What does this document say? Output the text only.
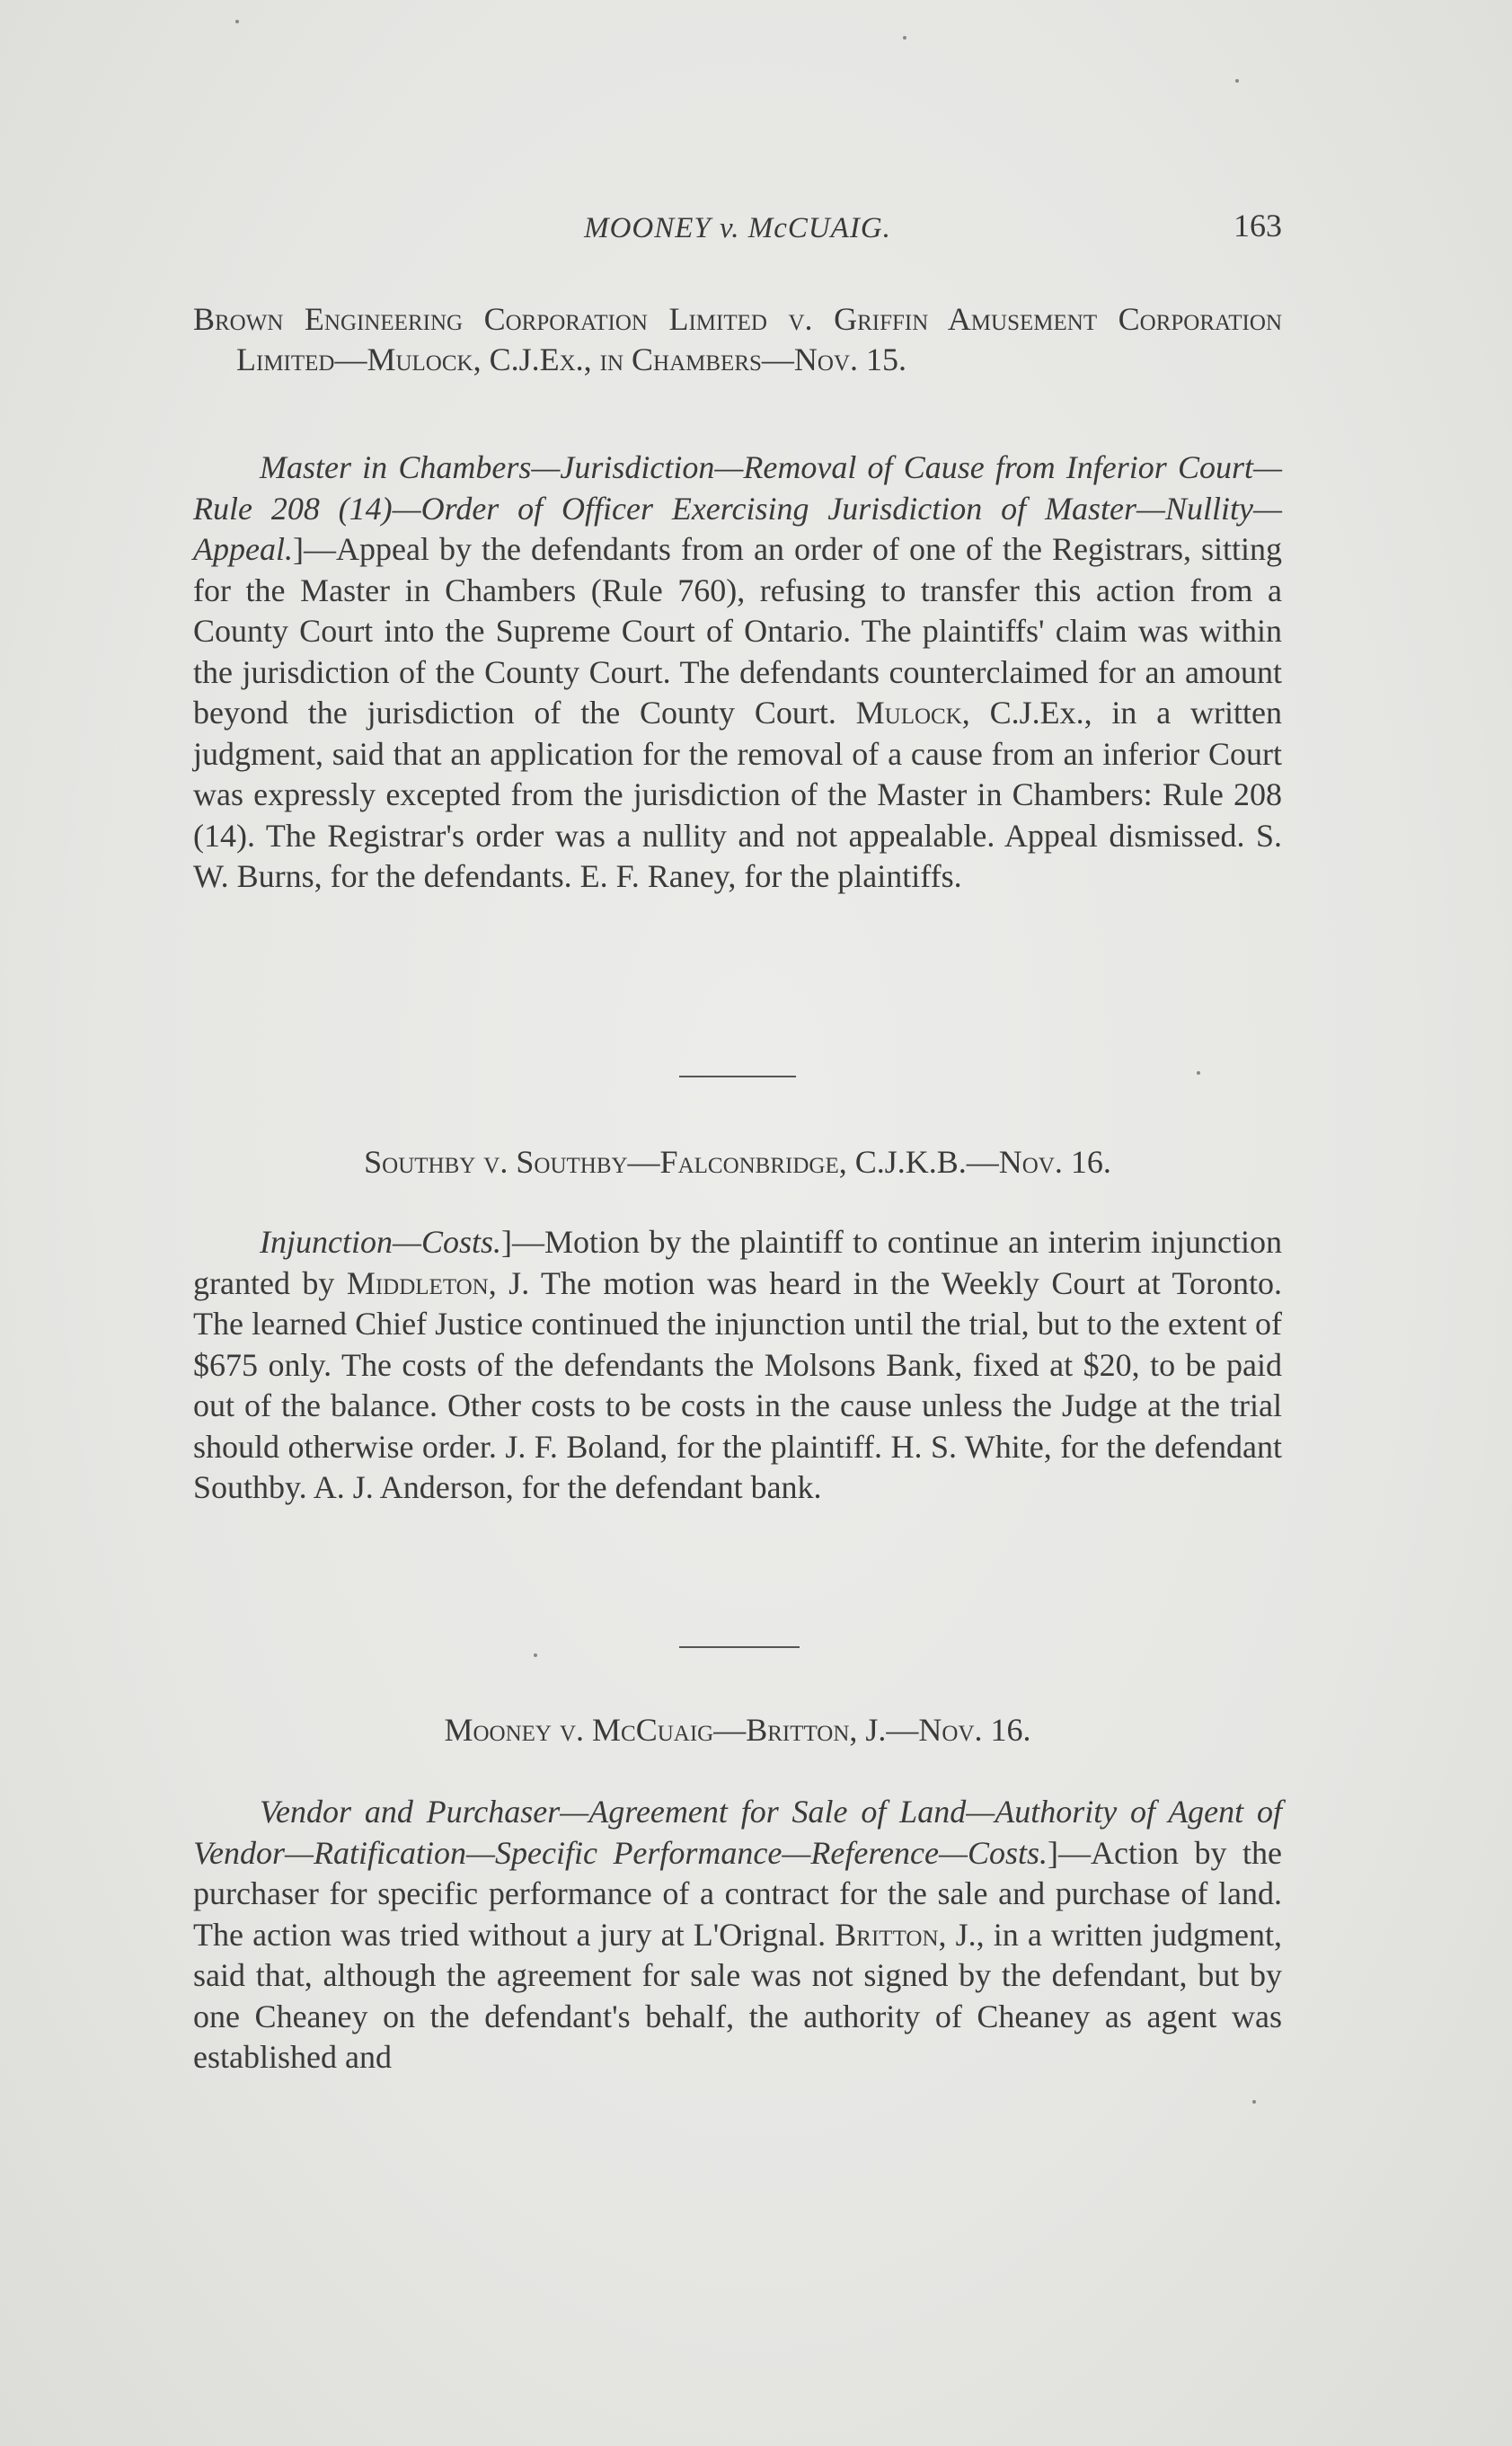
MOONEY v. McCUAIG.	163
Brown Engineering Corporation Limited v. Griffin Amusement Corporation Limited—Mulock, C.J.Ex., in Chambers—Nov. 15.

Master in Chambers—Jurisdiction—Removal of Cause from Inferior Court—Rule 208 (14)—Order of Officer Exercising Jurisdiction of Master—Nullity—Appeal.]—Appeal by the defendants from an order of one of the Registrars, sitting for the Master in Chambers (Rule 760), refusing to transfer this action from a County Court into the Supreme Court of Ontario. The plaintiffs' claim was within the jurisdiction of the County Court. The defendants counterclaimed for an amount beyond the jurisdiction of the County Court. Mulock, C.J.Ex., in a written judgment, said that an application for the removal of a cause from an inferior Court was expressly excepted from the jurisdiction of the Master in Chambers: Rule 208 (14). The Registrar's order was a nullity and not appealable. Appeal dismissed. S. W. Burns, for the defendants. E. F. Raney, for the plaintiffs.

Southby v. Southby—Falconbridge, C.J.K.B.—Nov. 16.

Injunction—Costs.]—Motion by the plaintiff to continue an interim injunction granted by Middleton, J. The motion was heard in the Weekly Court at Toronto. The learned Chief Justice continued the injunction until the trial, but to the extent of $675 only. The costs of the defendants the Molsons Bank, fixed at $20, to be paid out of the balance. Other costs to be costs in the cause unless the Judge at the trial should otherwise order. J. F. Boland, for the plaintiff. H. S. White, for the defendant Southby. A. J. Anderson, for the defendant bank.

Mooney v. McCuaig—Britton, J.—Nov. 16.

Vendor and Purchaser—Agreement for Sale of Land—Authority of Agent of Vendor—Ratification—Specific Performance—Reference—Costs.]—Action by the purchaser for specific performance of a contract for the sale and purchase of land. The action was tried without a jury at L'Orignal. Britton, J., in a written judgment, said that, although the agreement for sale was not signed by the defendant, but by one Cheaney on the defendant's behalf, the authority of Cheaney as agent was established and
